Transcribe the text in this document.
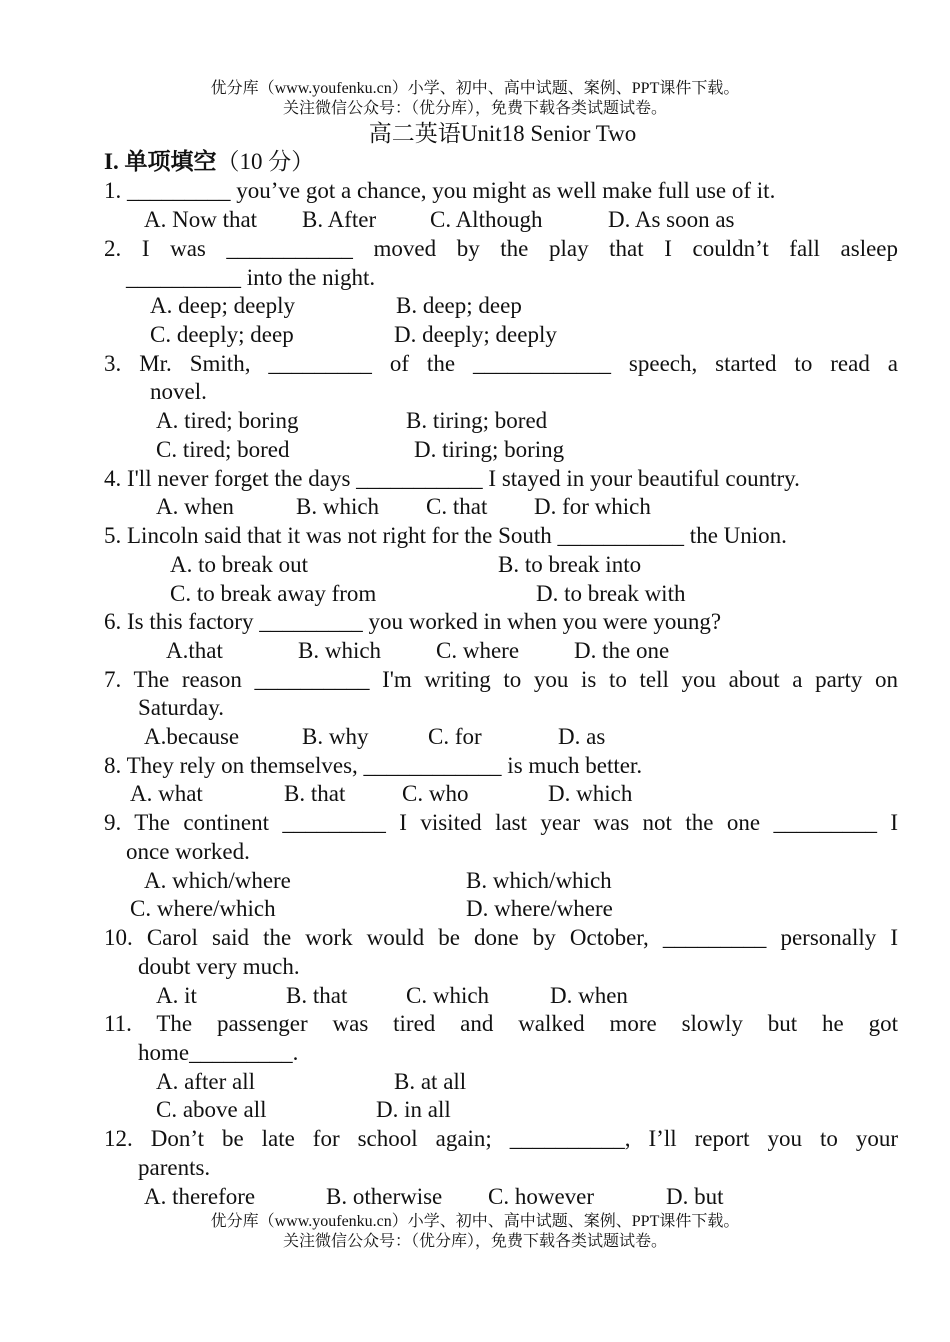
优分库（www.youfenku.cn）小学、初中、高中试题、案例、PPT课件下载。
关注微信公众号：（优分库），免费下载各类试题试卷。
高二英语Unit18 Senior Two
I. 单项填空（10 分）
1. _________ you’ve got a chance, you might as well make full use of it.
A. Now that B. After C. Although	D. As soon as
2. I was ___________ moved by the play that I couldn’t fall asleep
__________ into the night.
A. deep; deeply	B. deep; deep
C. deeply; deep	D. deeply; deeply
3. Mr. Smith, _________ of the ____________ speech, started to read a
novel.
A. tired; boring	B. tiring; bored
C. tired; bored	D. tiring; boring
4. I'll never forget the days ___________ I stayed in your beautiful country.
A. when	B. which C. that D. for which
5. Lincoln said that it was not right for the South ___________ the Union.
A. to break out	B. to break into
C. to break away from	D. to break with
6. Is this factory _________ you worked in when you were young?
A.that	B. which C. where D. the one
7. The reason __________ I'm writing to you is to tell you about a party on
Saturday.
A.because	B. why	C. for	D. as
8. They rely on themselves, ____________ is much better.
A. what	B. that C. who	D. which
9. The continent _________ I visited last year was not the one _________ I
once worked.
A. which/where	B. which/which
C. where/which	D. where/where
10. Carol said the work would be done by October, _________ personally I
doubt very much.
A. it	B. that	C. which	D. when
11. The passenger was tired and walked more slowly but he got
home_________.
A. after all	B. at all
C. above all	D. in all
12. Don’t be late for school again; __________, I’ll report you to your
parents.
A. therefore	B. otherwise C. however	D. but
优分库（www.youfenku.cn）小学、初中、高中试题、案例、PPT课件下载。
关注微信公众号：（优分库），免费下载各类试题试卷。
